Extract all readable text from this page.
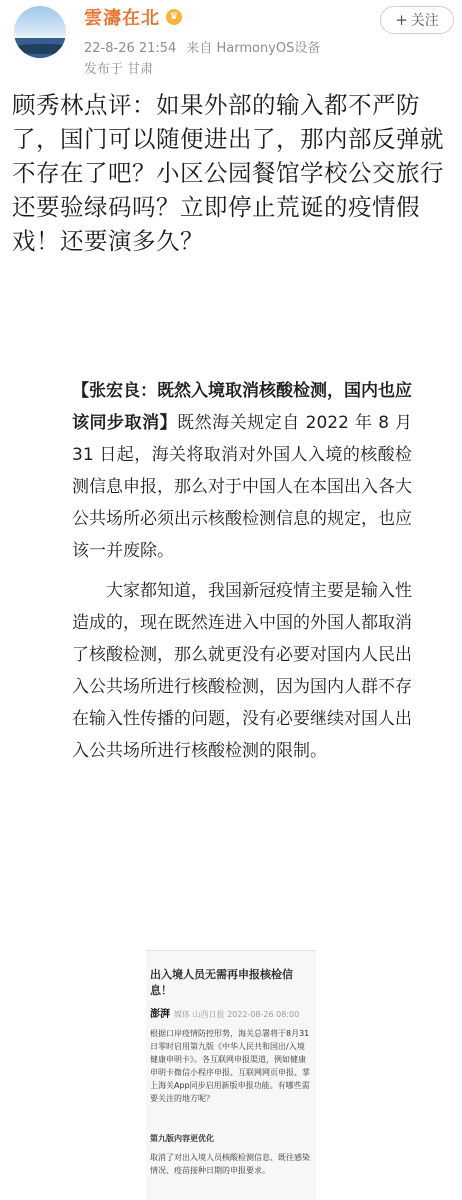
雲濤在北 ♛
22-8-26 21:54 来自 HarmonyOS设备
发布于 甘肃
+ 关注
顾秀林点评：如果外部的输入都不严防了，国门可以随便进出了，那内部反弹就不存在了吧？小区公园餐馆学校公交旅行还要验绿码吗？立即停止荒诞的疫情假戏！还要演多久？

【张宏良：既然入境取消核酸检测，国内也应该同步取消】既然海关规定自 2022 年 8 月 31 日起，海关将取消对外国人入境的核酸检测信息申报，那么对于中国人在本国出入各大公共场所必须出示核酸检测信息的规定，也应该一并废除。

大家都知道，我国新冠疫情主要是输入性造成的，现在既然连进入中国的外国人都取消了核酸检测，那么就更没有必要对国内人民出入公共场所进行核酸检测，因为国内人群不存在输入性传播的问题，没有必要继续对国人出入公共场所进行核酸检测的限制。

出入境人员无需再申报核检信息！
澎湃 媒体 山西日报 2022-08-26 08:00
根据口岸疫情防控形势，海关总署将于8月31日零时启用第九版《中华人民共和国出/入境健康申明卡》。各互联网申报渠道，例如健康申明卡微信小程序申报、互联网网页申报、掌上海关App同步启用新版申报功能。有哪些需要关注的地方呢？
第九版内容更优化
取消了对出入境人员核酸检测信息、既往感染情况、疫苗接种日期的申报要求。
